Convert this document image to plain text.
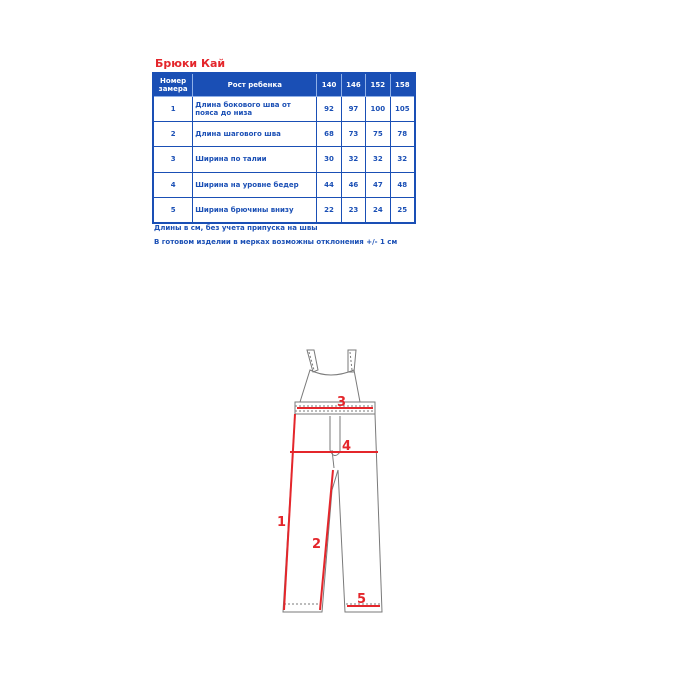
Брюки Кай
Номер замера	Рост ребенка	140	146	152	158
1	Длина бокового шва от пояса до низа	92	97	100	105
2	Длина шагового шва	68	73	75	78
3	Ширина по талии	30	32	32	32
4	Ширина на уровне бедер	44	46	47	48
5	Ширина брючины внизу	22	23	24	25
Длины в см, без учета припуска на швы
В готовом изделии в мерках возможны отклонения +/- 1 см
3
4
1
2
5
